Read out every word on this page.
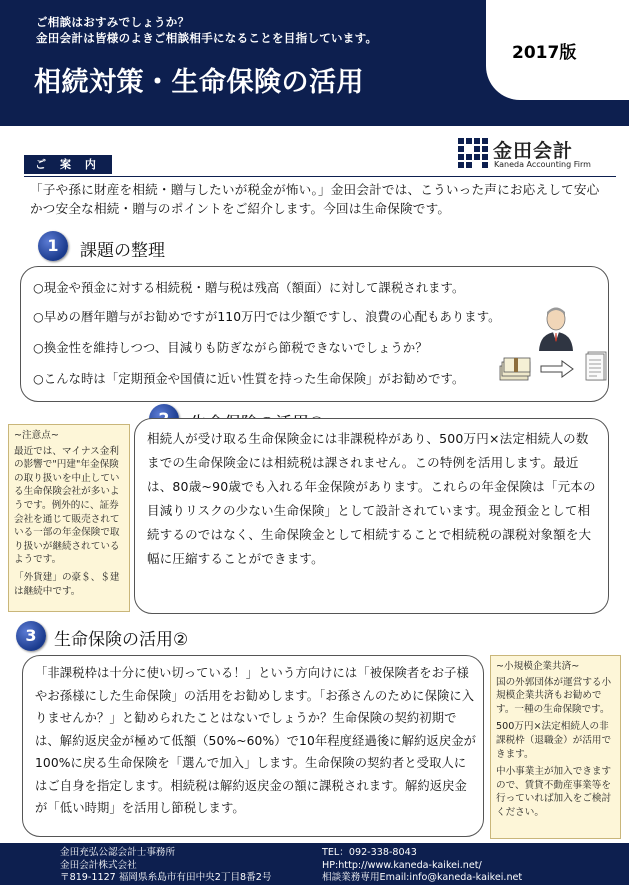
ご相談はおすみでしょうか？
金田会計は皆様のよきご相談相手になることを目指しています。
相続対策・生命保険の活用
2017版
ご 案 内
金田会計
Kaneda Accounting Firm
「子や孫に財産を相続・贈与したいが税金が怖い。」金田会計では、こういった声にお応えして安心かつ安全な相続・贈与のポイントをご紹介します。今回は生命保険です。
1	課題の整理

○現金や預金に対する相続税・贈与税は残高（額面）に対して課税されます。

○早めの暦年贈与がお勧めですが110万円では少額ですし、浪費の心配もあります。

○換金性を維持しつつ、目減りも防ぎながら節税できないでしょうか？

○こんな時は「定期預金や国債に近い性質を持った生命保険」がお勧めです。

~注意点~
最近では、マイナス金利の影響で"円建"年金保険の取り扱いを中止している生命保険会社が多いようです。例外的に、証券会社を通じて販売されている一部の年金保険で取り扱いが継続されているようです。
「外貨建」の豪＄、＄建は継続中です。
相続人が受け取る生命保険金には非課税枠があり、500万円×法定相続人の数までの生命保険金には相続税は課されません。この特例を活用します。最近は、80歳~90歳でも入れる年金保険があります。これらの年金保険は「元本の目減りリスクの少ない生命保険」として設計されています。現金預金として相続するのではなく、生命保険金として相続することで相続税の課税対象額を大幅に圧縮することができます。
3	生命保険の活用②
「非課税枠は十分に使い切っている！」という方向けには「被保険者をお子様やお孫様にした生命保険」の活用をお勧めします。「お孫さんのために保険に入りませんか？」と勧められたことはないでしょうか？生命保険の契約初期では、解約返戻金が極めて低額（50%~60%）で10年程度経過後に解約返戻金が100%に戻る生命保険を「選んで加入」します。生命保険の契約者と受取人にはご自身を指定します。相続税は解約返戻金の額に課税されます。解約返戻金が「低い時期」を活用し節税します。
~小規模企業共済~
国の外郭団体が運営する小規模企業共済もお勧めです。一種の生命保険です。
500万円×法定相続人の非課税枠（退職金）が活用できます。
中小事業主が加入できますので、賃貸不動産事業等を行っていれば加入をご検討ください。
金田充弘公認会計士事務所
金田会計株式会社
〒819-1127 福岡県糸島市有田中央2丁目8番2号
TEL：092-338-8043
HP:http://www.kaneda-kaikei.net/
相談業務専用Email:info@kaneda-kaikei.net
